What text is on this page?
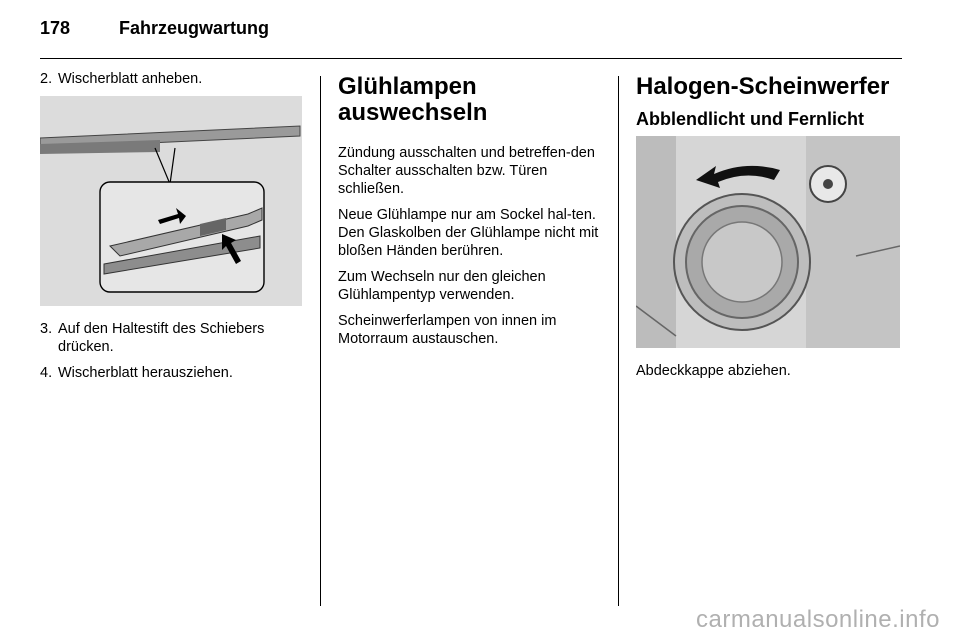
178	Fahrzeugwartung
2. Wischerblatt anheben.
3. Auf den Haltestift des Schiebers drücken.
4. Wischerblatt herausziehen.
Glühlampen auswechseln

Zündung ausschalten und betreffen-den Schalter ausschalten bzw. Türen schließen.

Neue Glühlampe nur am Sockel hal-ten. Den Glaskolben der Glühlampe nicht mit bloßen Händen berühren.

Zum Wechseln nur den gleichen Glühlampentyp verwenden.

Scheinwerferlampen von innen im Motorraum austauschen.

Halogen-Scheinwerfer
Abblendlicht und Fernlicht

Abdeckkappe abziehen.

carmanualsonline.info
